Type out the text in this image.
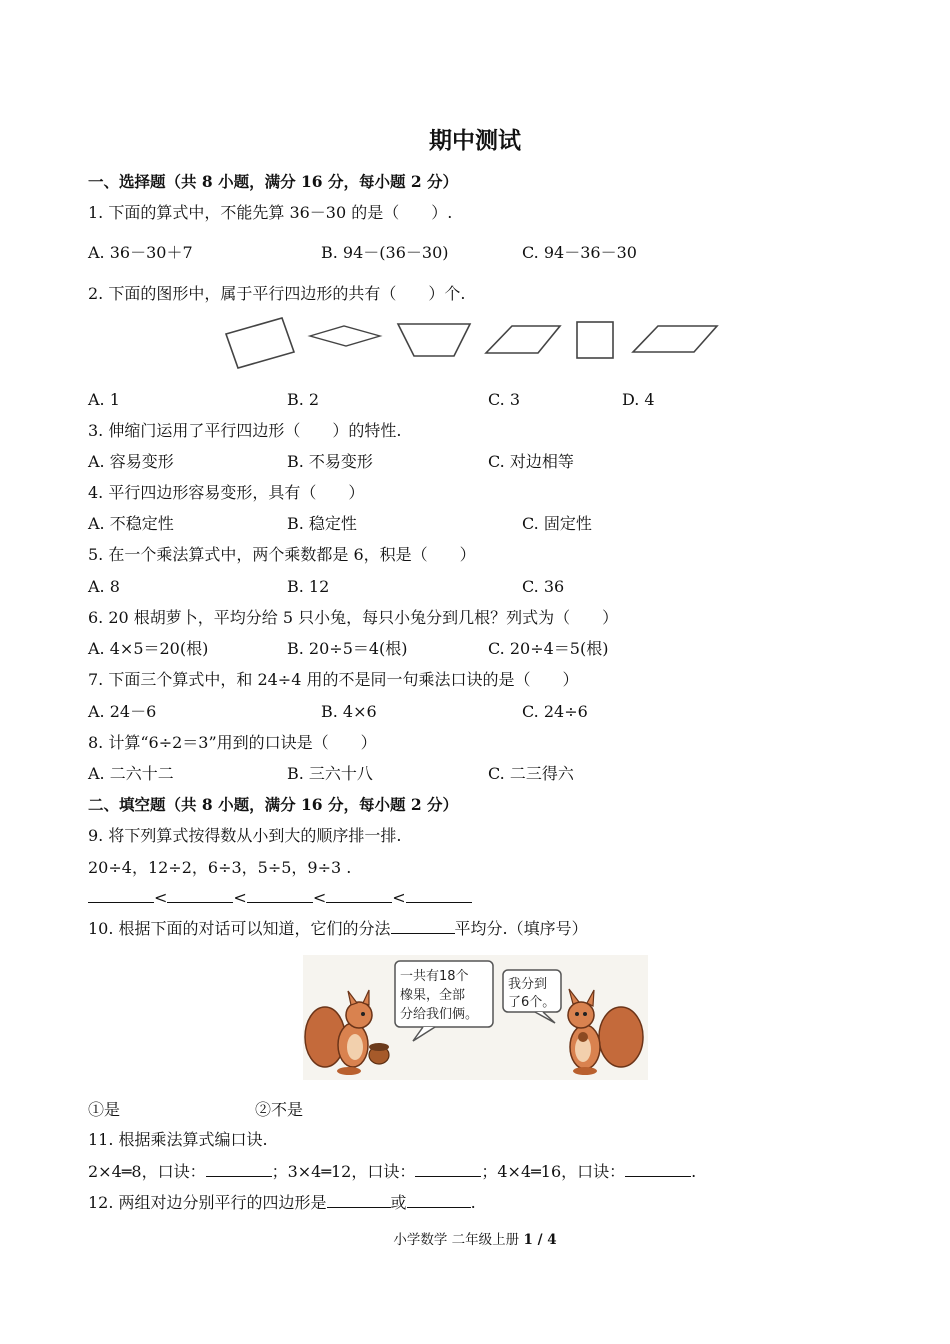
期中测试
一、选择题（共 8 小题，满分 16 分，每小题 2 分）
1. 下面的算式中，不能先算 36－30 的是（　　）.
A. 36－30＋7	B. 94－(36－30)	C. 94－36－30
2. 下面的图形中，属于平行四边形的共有（　　）个.
A. 1	B. 2	C. 3	D. 4
3. 伸缩门运用了平行四边形（　　）的特性.
A. 容易变形	B. 不易变形	C. 对边相等
4. 平行四边形容易变形，具有（　　）
A. 不稳定性	B. 稳定性	C. 固定性
5. 在一个乘法算式中，两个乘数都是 6，积是（　　）
A. 8	B. 12	C. 36
6. 20 根胡萝卜，平均分给 5 只小兔，每只小兔分到几根？列式为（　　）
A. 4×5＝20(根)	B. 20÷5＝4(根)	C. 20÷4＝5(根)
7. 下面三个算式中，和 24÷4 用的不是同一句乘法口诀的是（　　）
A. 24－6	B. 4×6	C. 24÷6
8. 计算“6÷2＝3”用到的口诀是（　　）
A. 二六十二	B. 三六十八	C. 二三得六
二、填空题（共 8 小题，满分 16 分，每小题 2 分）
9. 将下列算式按得数从小到大的顺序排一排.
20÷4，12÷2，6÷3，5÷5，9÷3 .
<	<	<	<
10. 根据下面的对话可以知道，它们的分法	平均分.（填序号）
一共有18个
橡果，全部
分给我们俩。
我分到
了6个。
①是	②不是
11. 根据乘法算式编口诀.
2×4═8，口诀：	；3×4═12，口诀：	；4×4═16，口诀：	.
12. 两组对边分别平行的四边形是	或	.
小学数学 二年级上册 1 / 4
